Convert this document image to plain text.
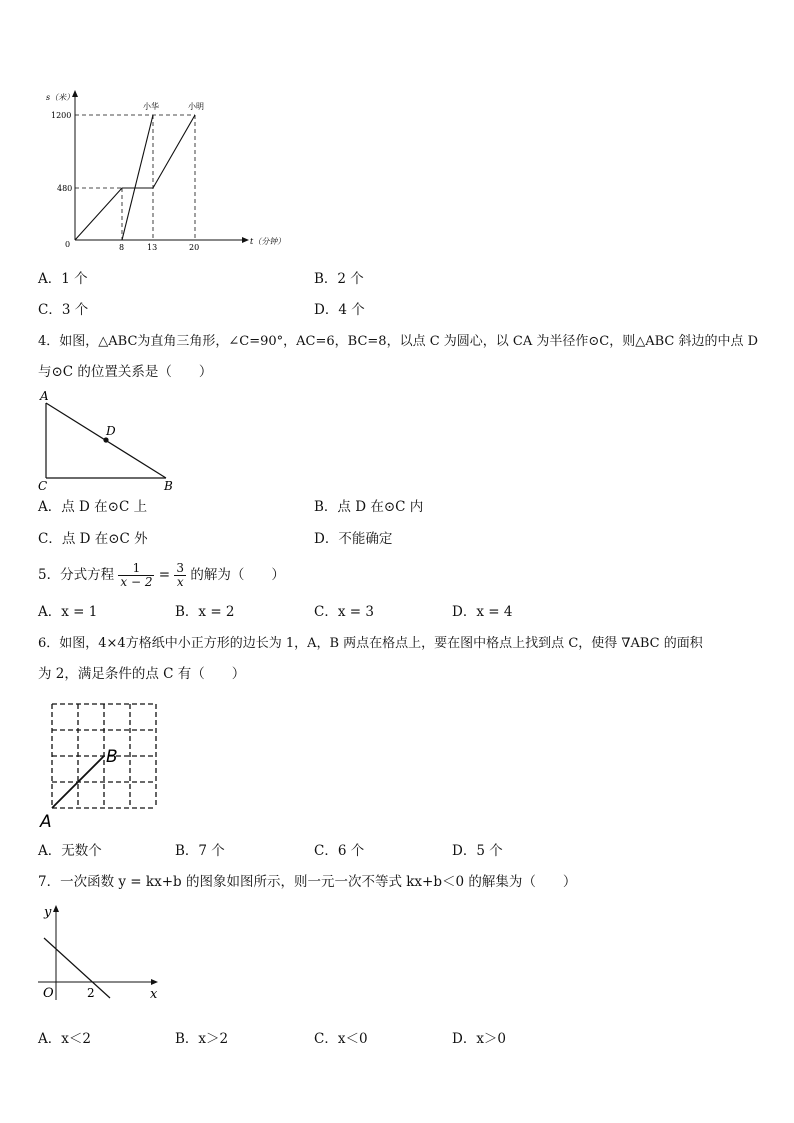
s（米）
1200
480
0	8	13	20
t（分钟）
小华	小明
A．1 个	B．2 个
C．3 个	D．4 个
4．如图，△ABC为直角三角形，∠C=90°，AC=6，BC=8，以点 C 为圆心，以 CA 为半径作⊙C，则△ABC 斜边的中点 D
与⊙C 的位置关系是（　　）
A
D
C	B
A．点 D 在⊙C 上	B．点 D 在⊙C 内
C．点 D 在⊙C 外	D．不能确定
5．分式方程 $\frac{1}{x - 2} = \frac{3}{x}$ 的解为（　　）
A．x = 1	B．x = 2	C．x = 3	D．x = 4
6．如图，4×4方格纸中小正方形的边长为 1，A，B 两点在格点上，要在图中格点上找到点 C，使得 ∇ABC 的面积
为 2，满足条件的点 C 有（　　）
A
B
A．无数个	B．7 个	C．6 个	D．5 个
7．一次函数 y = kx+b 的图象如图所示，则一元一次不等式 kx+b＜0 的解集为（　　）
y
x
O	2
A．x＜2	B．x＞2	C．x＜0	D．x＞0
